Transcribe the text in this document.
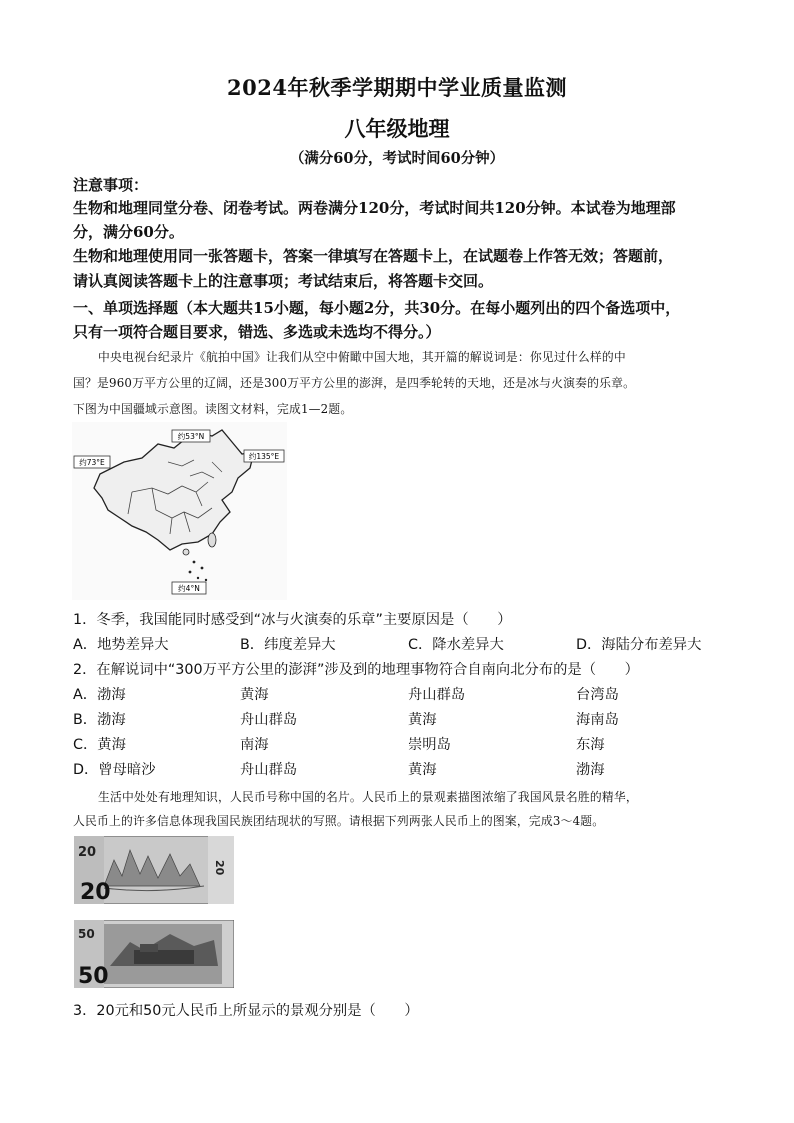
2024年秋季学期期中学业质量监测
八年级地理
（满分60分，考试时间60分钟）
注意事项：
生物和地理同堂分卷、闭卷考试。两卷满分120分，考试时间共120分钟。本试卷为地理部
分，满分60分。
生物和地理使用同一张答题卡，答案一律填写在答题卡上，在试题卷上作答无效；答题前，
请认真阅读答题卡上的注意事项；考试结束后，将答题卡交回。
一、单项选择题（本大题共15小题，每小题2分，共30分。在每小题列出的四个备选项中，
只有一项符合题目要求，错选、多选或未选均不得分。）
中央电视台纪录片《航拍中国》让我们从空中俯瞰中国大地，其开篇的解说词是：你见过什么样的中
国？是960万平方公里的辽阔，还是300万平方公里的澎湃，是四季轮转的天地，还是冰与火演奏的乐章。
下图为中国疆域示意图。读图文材料，完成1—2题。
约53°N
约73°E
约135°E
约4°N
1．冬季，我国能同时感受到“冰与火演奏的乐章”主要原因是（　　）
A．地势差异大	B．纬度差异大	C．降水差异大	D．海陆分布差异大
2．在解说词中“300万平方公里的澎湃”涉及到的地理事物符合自南向北分布的是（　　）
A．渤海	黄海	舟山群岛	台湾岛
B．渤海	舟山群岛	黄海	海南岛
C．黄海	南海	崇明岛	东海
D．曾母暗沙	舟山群岛	黄海	渤海
生活中处处有地理知识，人民币号称中国的名片。人民币上的景观素描图浓缩了我国风景名胜的精华，
人民币上的许多信息体现我国民族团结现状的写照。请根据下列两张人民币上的图案，完成3～4题。
20
20
20
50
50
3．20元和50元人民币上所显示的景观分别是（　　）
